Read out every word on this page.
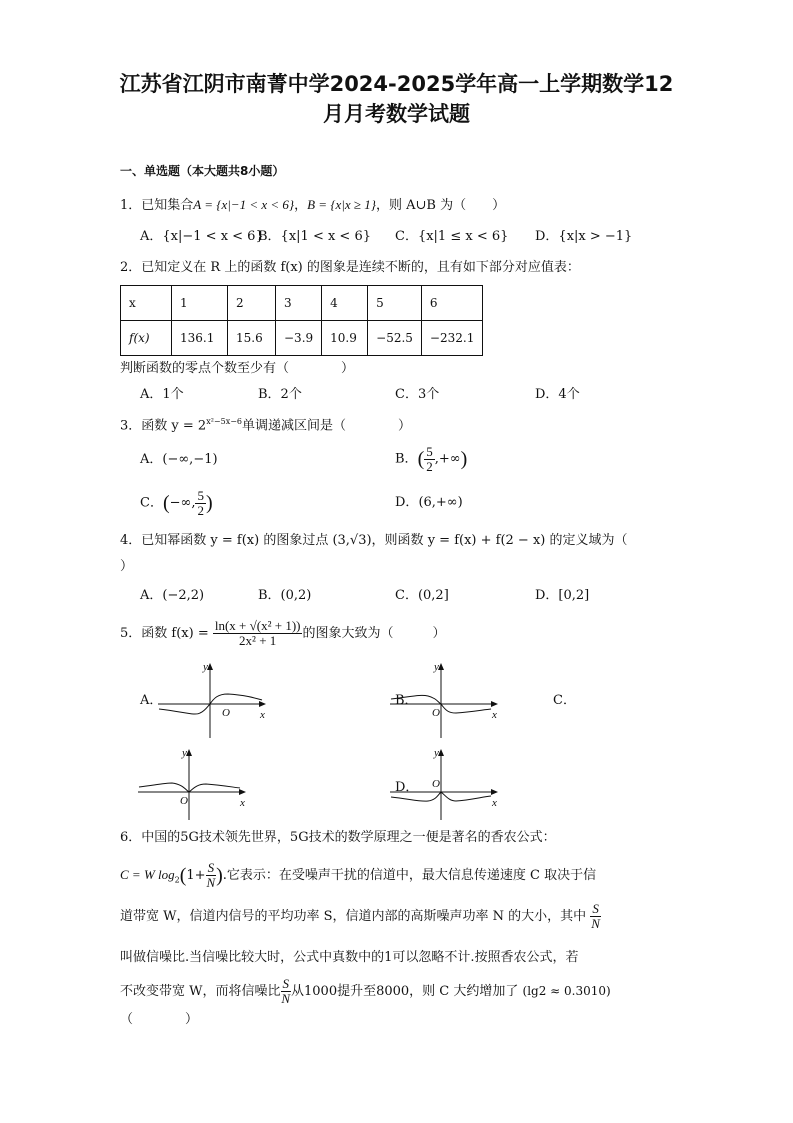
江苏省江阴市南菁中学2024-2025学年高一上学期数学12
月月考数学试题
一、单选题（本大题共8小题）
1．已知集合A = {x|−1 < x < 6}，B = {x|x ≥ 1}，则 A∪B 为（　　）
A．{x|−1 < x < 6}
B．{x|1 < x < 6} C．{x|1 ≤ x < 6} D．{x|x > −1}
2．已知定义在 R 上的函数 f(x) 的图象是连续不断的，且有如下部分对应值表：
x	1	2	3	4	5	6
f(x)	136.1	15.6	−3.9	10.9	−52.5	−232.1
判断函数的零点个数至少有（　　　　）
A．1个	B．2个	C．3个	D．4个
3．函数 $y = 2^{x^2-5x-6}$单调递减区间是（　　　　）
A．(−∞,−1)	B．( $\frac{5}{2}$ ,+∞)
C．(−∞, $\frac{5}{2}$ )	D．(6,+∞)
4．已知幂函数 y = f(x) 的图象过点 (3,√3)，则函数 y = f(x) + f(2 − x) 的定义域为（
）
A．(−2,2)	B．(0,2)	C．(0,2]	D．[0,2]
5．函数 $f(x) = \frac{\text{ln(x + √(x² + 1))}}{\text{2x² + 1}}$ 的图象大致为（　　　）
A．	B．	C．
D．
y
O	x
y
O	x
y
O	x
y
O
x
6．中国的5G技术领先世界，5G技术的数学原理之一便是著名的香农公式：
C = W $\log_2(1+ \frac{S}{N}$ ).它表示：在受噪声干扰的信道中，最大信息传递速度 C 取决于信
道带宽 W，信道内信号的平均功率 S，信道内部的高斯噪声功率 N 的大小，其中 $\frac{S}{N}$
叫做信噪比.当信噪比较大时，公式中真数中的1可以忽略不计.按照香农公式，若
不改变带宽 W，而将信噪比 $\frac{S}{N}$ 从1000提升至8000，则 C 大约增加了 (lg2 ≈ 0.3010)
（　　　　）
